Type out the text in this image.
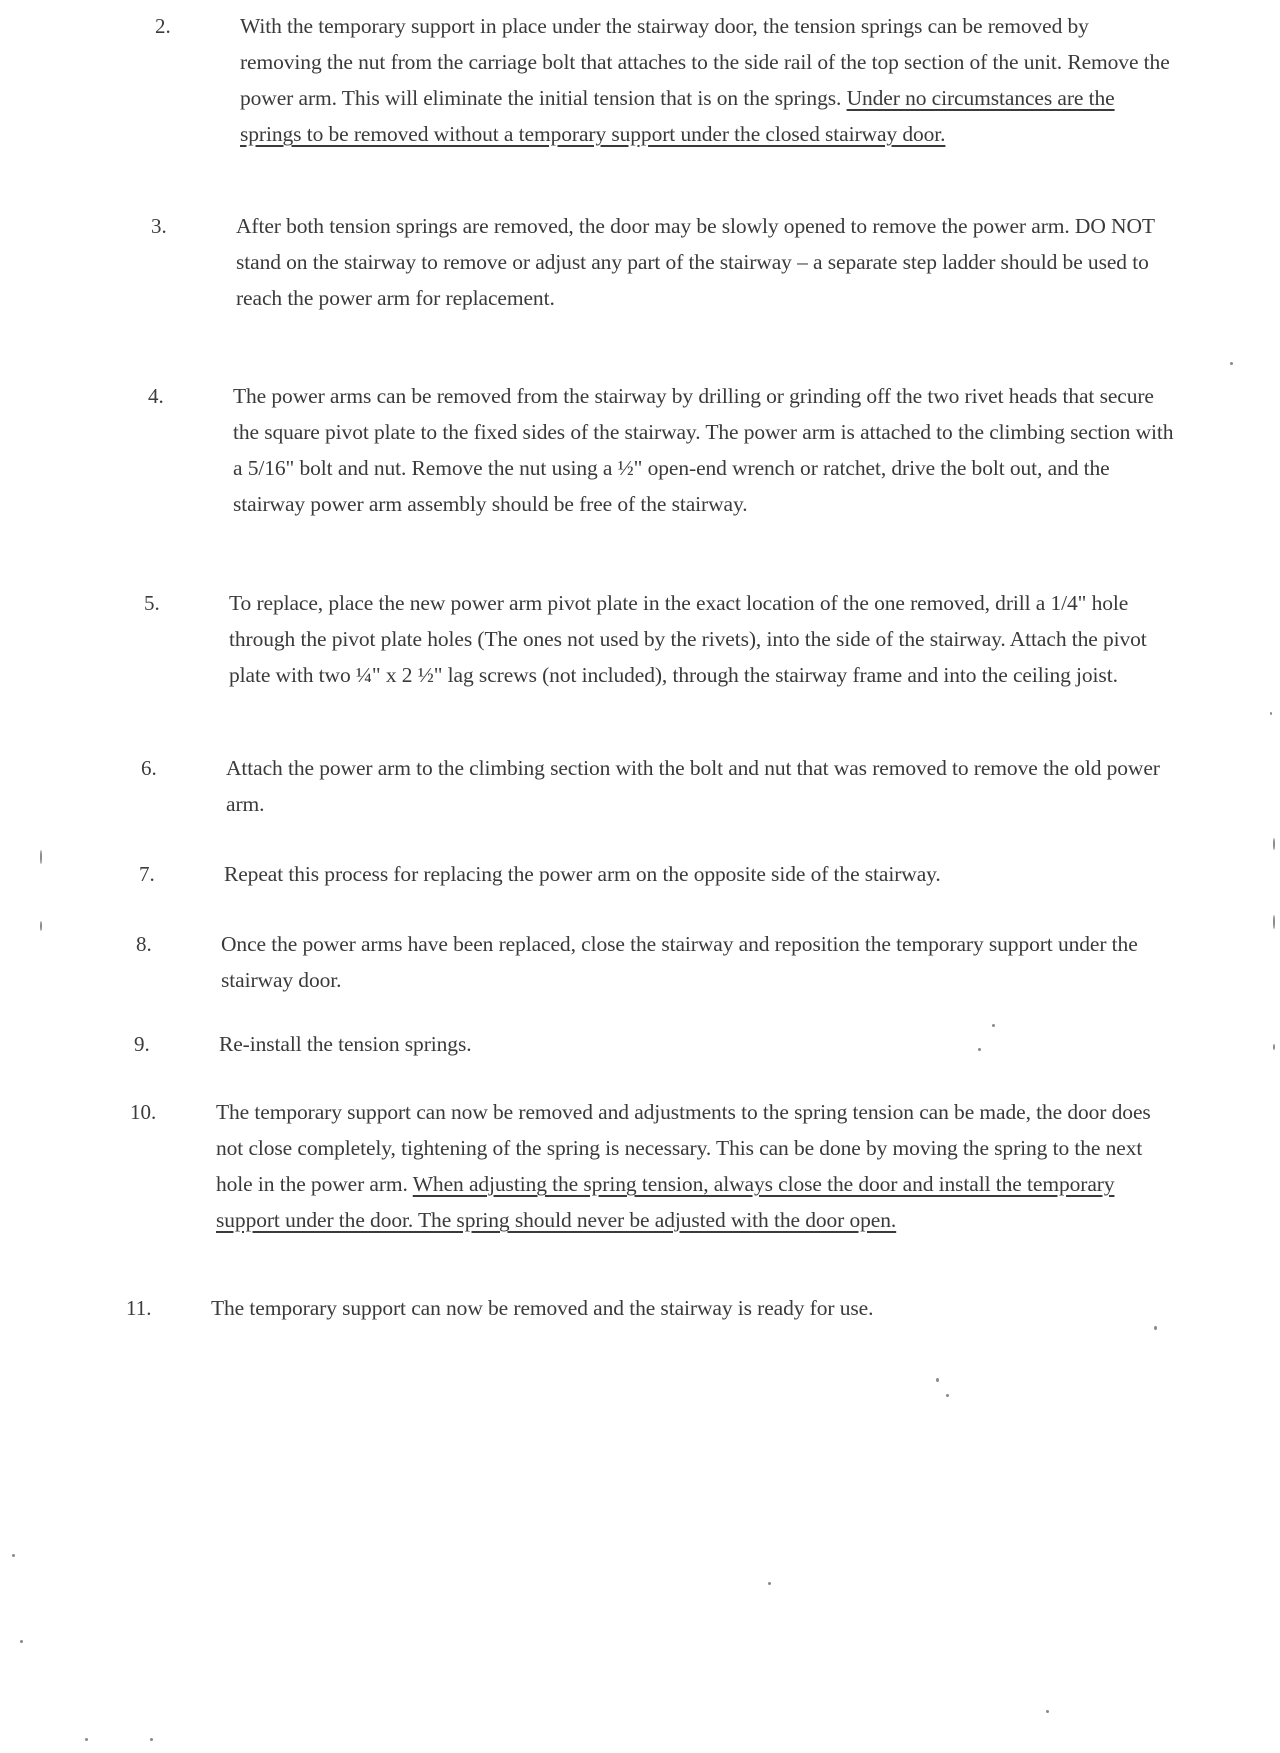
2.	With the temporary support in place under the stairway door, the tension springs can be removed by removing the nut from the carriage bolt that attaches to the side rail of the top section of the unit. Remove the power arm. This will eliminate the initial tension that is on the springs. Under no circumstances are the springs to be removed without a temporary support under the closed stairway door.
3.	After both tension springs are removed, the door may be slowly opened to remove the power arm. DO NOT stand on the stairway to remove or adjust any part of the stairway – a separate step ladder should be used to reach the power arm for replacement.
4.	The power arms can be removed from the stairway by drilling or grinding off the two rivet heads that secure the square pivot plate to the fixed sides of the stairway. The power arm is attached to the climbing section with a 5/16" bolt and nut. Remove the nut using a ½" open-end wrench or ratchet, drive the bolt out, and the stairway power arm assembly should be free of the stairway.
5.	To replace, place the new power arm pivot plate in the exact location of the one removed, drill a 1/4" hole through the pivot plate holes (The ones not used by the rivets), into the side of the stairway. Attach the pivot plate with two ¼" x 2 ½" lag screws (not included), through the stairway frame and into the ceiling joist.
6.	Attach the power arm to the climbing section with the bolt and nut that was removed to remove the old power arm.
7.	Repeat this process for replacing the power arm on the opposite side of the stairway.
8.	Once the power arms have been replaced, close the stairway and reposition the temporary support under the stairway door.
9.	Re-install the tension springs.
10.	The temporary support can now be removed and adjustments to the spring tension can be made, the door does not close completely, tightening of the spring is necessary. This can be done by moving the spring to the next hole in the power arm. When adjusting the spring tension, always close the door and install the temporary support under the door. The spring should never be adjusted with the door open.
11.	The temporary support can now be removed and the stairway is ready for use.
